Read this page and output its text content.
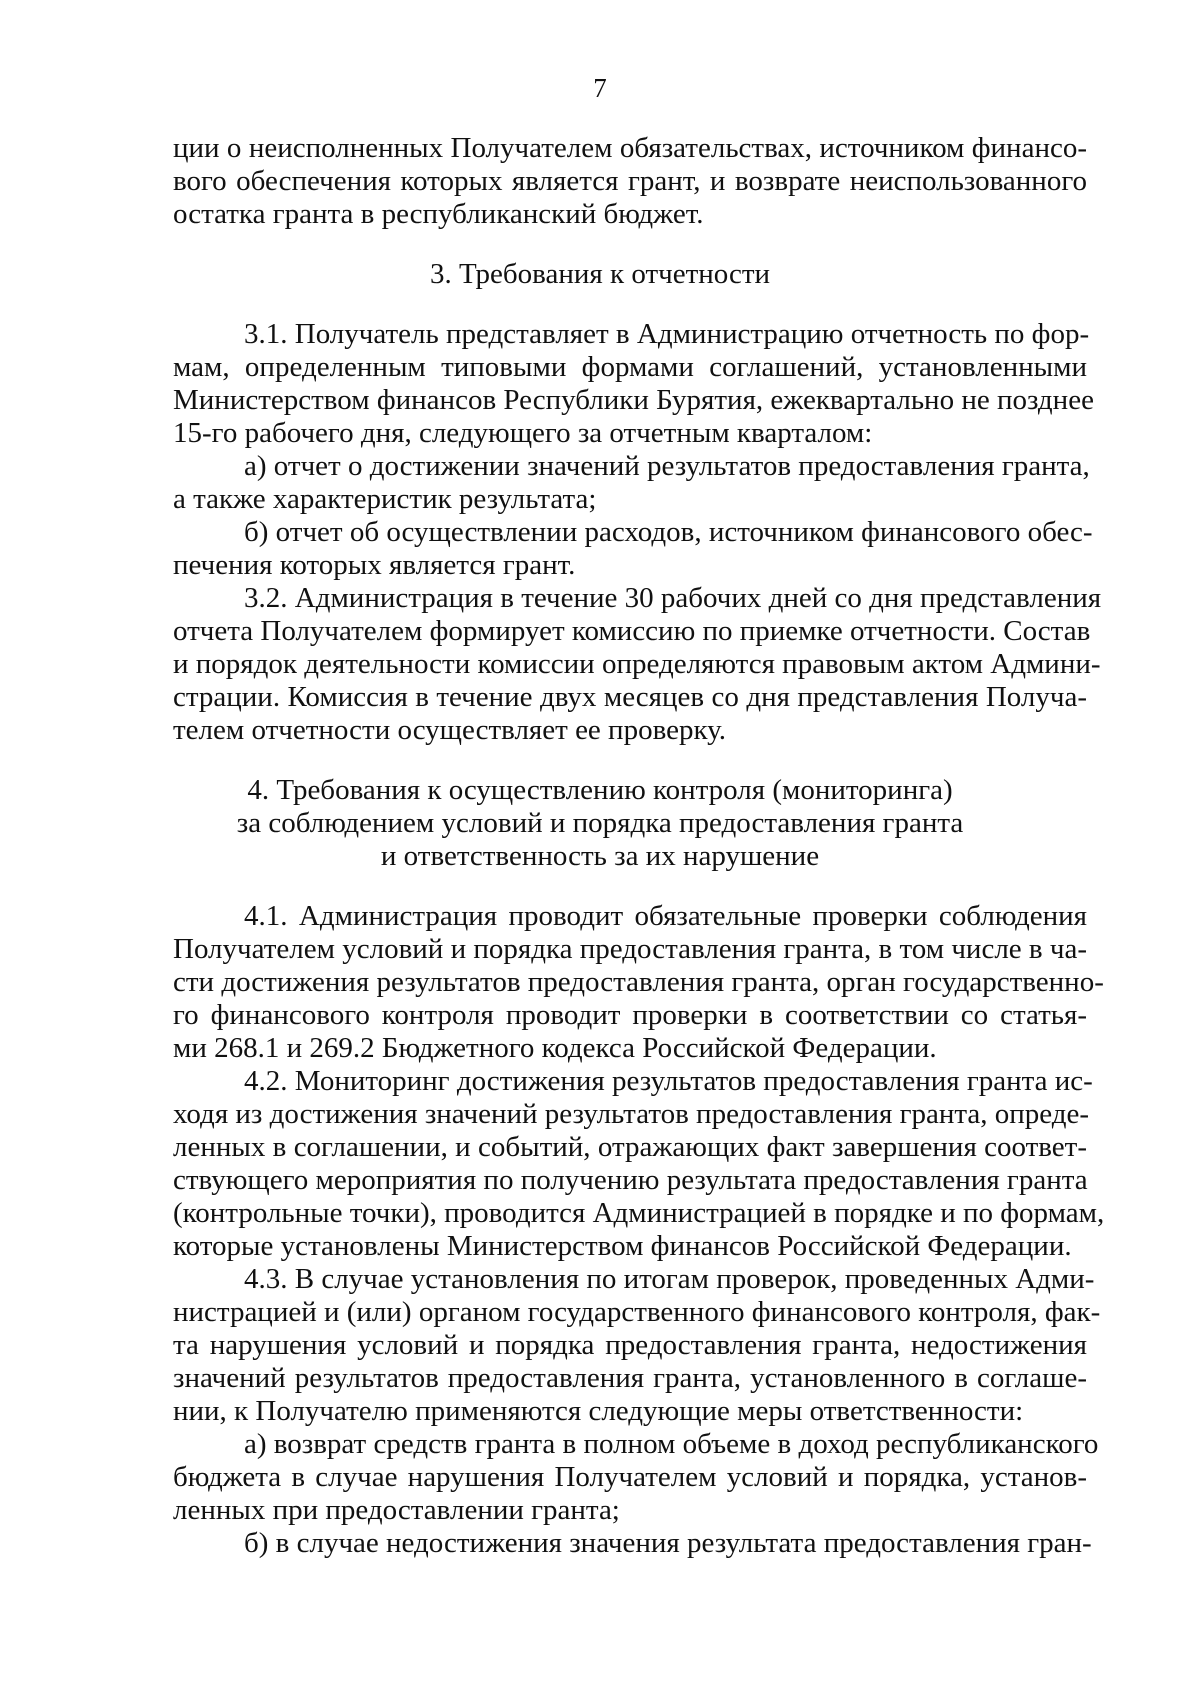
7
ции о неисполненных Получателем обязательствах, источником финансо-
вого обеспечения которых является грант, и возврате неиспользованного
остатка гранта в республиканский бюджет.
3. Требования к отчетности
3.1. Получатель представляет в Администрацию отчетность по фор-
мам, определенным типовыми формами соглашений, установленными
Министерством финансов Республики Бурятия, ежеквартально не позднее
15-го рабочего дня, следующего за отчетным кварталом:
а) отчет о достижении значений результатов предоставления гранта,
а также характеристик результата;
б) отчет об осуществлении расходов, источником финансового обес-
печения которых является грант.
3.2. Администрация в течение 30 рабочих дней со дня представления
отчета Получателем формирует комиссию по приемке отчетности. Состав
и порядок деятельности комиссии определяются правовым актом Админи-
страции. Комиссия в течение двух месяцев со дня представления Получа-
телем отчетности осуществляет ее проверку.
4. Требования к осуществлению контроля (мониторинга)
за соблюдением условий и порядка предоставления гранта
и ответственность за их нарушение
4.1. Администрация проводит обязательные проверки соблюдения
Получателем условий и порядка предоставления гранта, в том числе в ча-
сти достижения результатов предоставления гранта, орган государственно-
го финансового контроля проводит проверки в соответствии со статья-
ми 268.1 и 269.2 Бюджетного кодекса Российской Федерации.
4.2. Мониторинг достижения результатов предоставления гранта ис-
ходя из достижения значений результатов предоставления гранта, опреде-
ленных в соглашении, и событий, отражающих факт завершения соответ-
ствующего мероприятия по получению результата предоставления гранта
(контрольные точки), проводится Администрацией в порядке и по формам,
которые установлены Министерством финансов Российской Федерации.
4.3. В случае установления по итогам проверок, проведенных Адми-
нистрацией и (или) органом государственного финансового контроля, фак-
та нарушения условий и порядка предоставления гранта, недостижения
значений результатов предоставления гранта, установленного в соглаше-
нии, к Получателю применяются следующие меры ответственности:
а) возврат средств гранта в полном объеме в доход республиканского
бюджета в случае нарушения Получателем условий и порядка, установ-
ленных при предоставлении гранта;
б) в случае недостижения значения результата предоставления гран-
